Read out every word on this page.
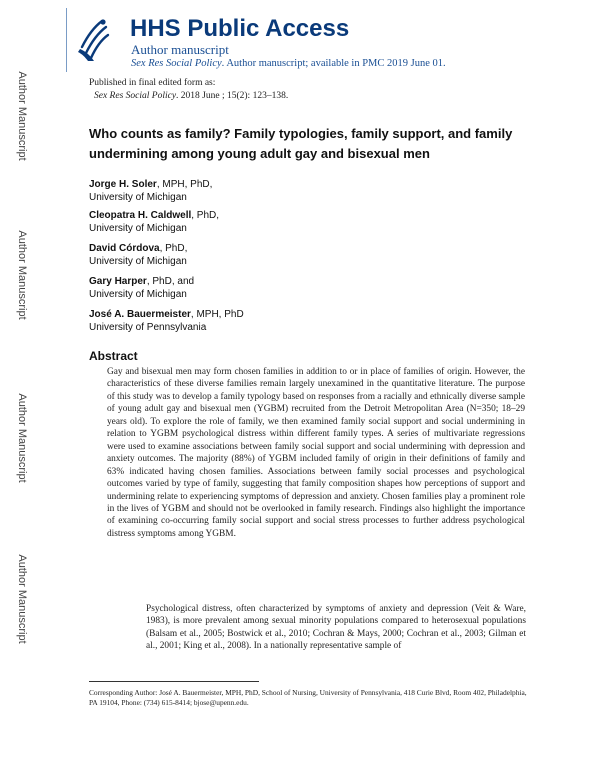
Author Manuscript
Author Manuscript
Author Manuscript
Author Manuscript
HHS Public Access
Author manuscript
Sex Res Social Policy. Author manuscript; available in PMC 2019 June 01.
Published in final edited form as:
Sex Res Social Policy. 2018 June ; 15(2): 123–138.
Who counts as family? Family typologies, family support, and family undermining among young adult gay and bisexual men
Jorge H. Soler, MPH, PhD,
University of Michigan
Cleopatra H. Caldwell, PhD,
University of Michigan
David Córdova, PhD,
University of Michigan
Gary Harper, PhD, and
University of Michigan
José A. Bauermeister, MPH, PhD
University of Pennsylvania
Abstract
Gay and bisexual men may form chosen families in addition to or in place of families of origin. However, the characteristics of these diverse families remain largely unexamined in the quantitative literature. The purpose of this study was to develop a family typology based on responses from a racially and ethnically diverse sample of young adult gay and bisexual men (YGBM) recruited from the Detroit Metropolitan Area (N=350; 18–29 years old). To explore the role of family, we then examined family social support and social undermining in relation to YGBM psychological distress within different family types. A series of multivariate regressions were used to examine associations between family social support and social undermining with depression and anxiety outcomes. The majority (88%) of YGBM included family of origin in their definitions of family and 63% indicated having chosen families. Associations between family social processes and psychological outcomes varied by type of family, suggesting that family composition shapes how perceptions of support and undermining relate to experiencing symptoms of depression and anxiety. Chosen families play a prominent role in the lives of YGBM and should not be overlooked in family research. Findings also highlight the importance of examining co-occurring family social support and social stress processes to further address psychological distress symptoms among YGBM.
Psychological distress, often characterized by symptoms of anxiety and depression (Veit & Ware, 1983), is more prevalent among sexual minority populations compared to heterosexual populations (Balsam et al., 2005; Bostwick et al., 2010; Cochran & Mays, 2000; Cochran et al., 2003; Gilman et al., 2001; King et al., 2008). In a nationally representative sample of
Corresponding Author: José A. Bauermeister, MPH, PhD, School of Nursing, University of Pennsylvania, 418 Curie Blvd, Room 402, Philadelphia, PA 19104, Phone: (734) 615-8414; bjose@upenn.edu.
